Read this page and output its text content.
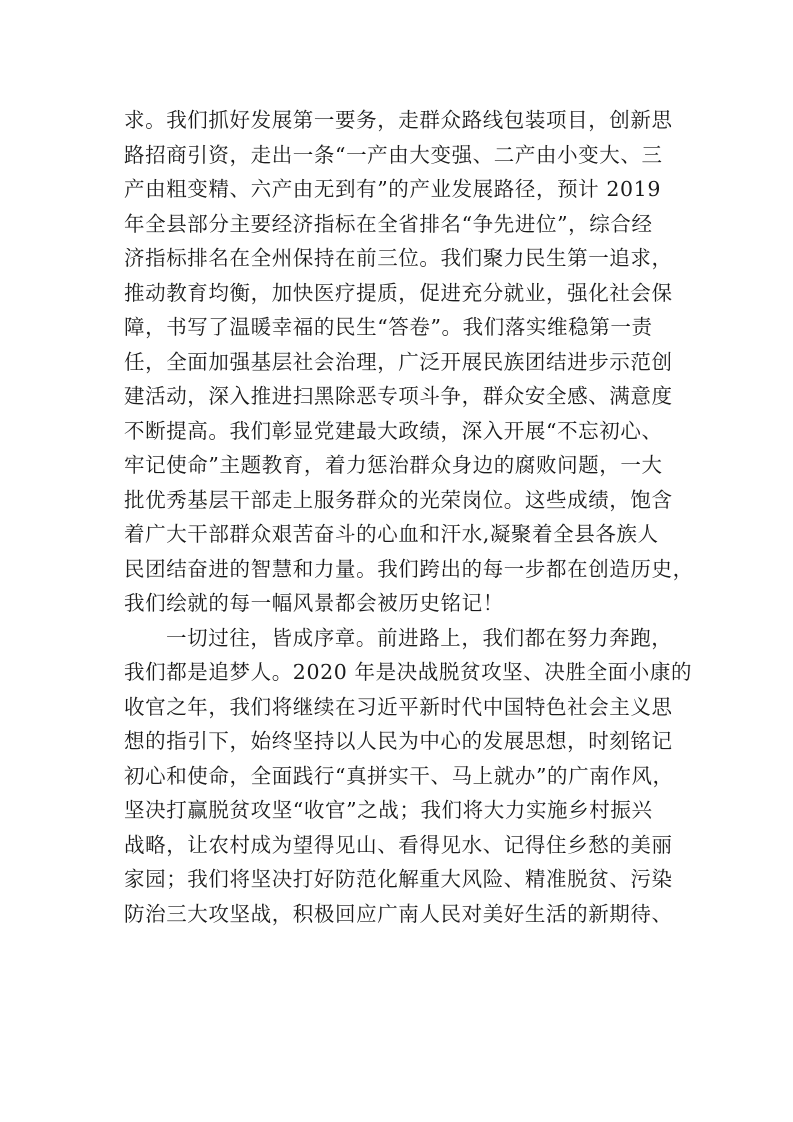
求。我们抓好发展第一要务，走群众路线包装项目，创新思
路招商引资，走出一条“一产由大变强、二产由小变大、三
产由粗变精、六产由无到有”的产业发展路径，预计 2019
年全县部分主要经济指标在全省排名“争先进位”，综合经
济指标排名在全州保持在前三位。我们聚力民生第一追求，
推动教育均衡，加快医疗提质，促进充分就业，强化社会保
障，书写了温暖幸福的民生“答卷”。我们落实维稳第一责
任，全面加强基层社会治理，广泛开展民族团结进步示范创
建活动，深入推进扫黑除恶专项斗争，群众安全感、满意度
不断提高。我们彰显党建最大政绩，深入开展“不忘初心、
牢记使命”主题教育，着力惩治群众身边的腐败问题，一大
批优秀基层干部走上服务群众的光荣岗位。这些成绩，饱含
着广大干部群众艰苦奋斗的心血和汗水,凝聚着全县各族人
民团结奋进的智慧和力量。我们跨出的每一步都在创造历史，
我们绘就的每一幅风景都会被历史铭记！
一切过往，皆成序章。前进路上，我们都在努力奔跑，
我们都是追梦人。2020 年是决战脱贫攻坚、决胜全面小康的
收官之年，我们将继续在习近平新时代中国特色社会主义思
想的指引下，始终坚持以人民为中心的发展思想，时刻铭记
初心和使命，全面践行“真拼实干、马上就办”的广南作风，
坚决打赢脱贫攻坚“收官”之战；我们将大力实施乡村振兴
战略，让农村成为望得见山、看得见水、记得住乡愁的美丽
家园；我们将坚决打好防范化解重大风险、精准脱贫、污染
防治三大攻坚战，积极回应广南人民对美好生活的新期待、
